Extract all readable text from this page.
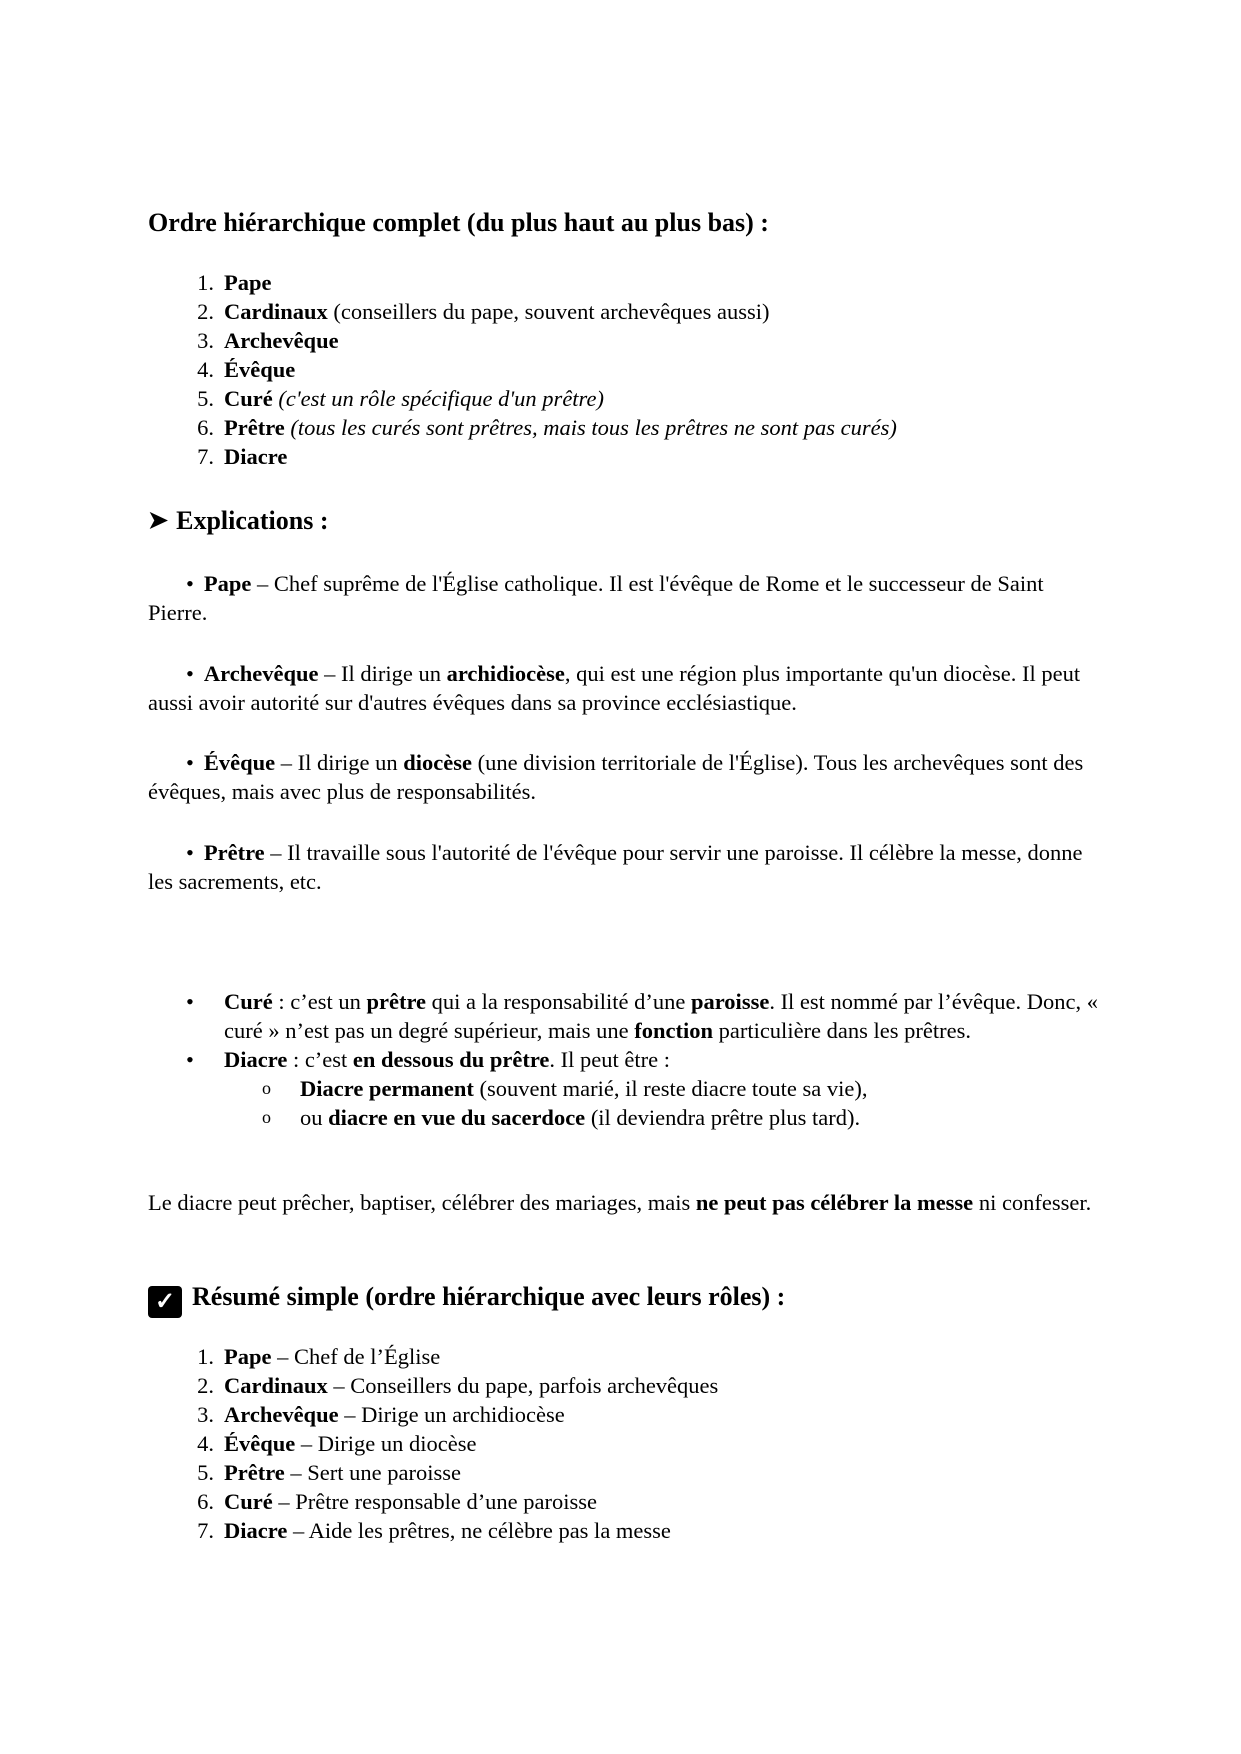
Ordre hiérarchique complet (du plus haut au plus bas) :
1. Pape
2. Cardinaux (conseillers du pape, souvent archevêques aussi)
3. Archevêque
4. Évêque
5. Curé (c'est un rôle spécifique d'un prêtre)
6. Prêtre (tous les curés sont prêtres, mais tous les prêtres ne sont pas curés)
7. Diacre
➤ Explications :

• Pape – Chef suprême de l'Église catholique. Il est l'évêque de Rome et le successeur de Saint Pierre.

• Archevêque – Il dirige un archidiocèse, qui est une région plus importante qu'un diocèse. Il peut aussi avoir autorité sur d'autres évêques dans sa province ecclésiastique.

• Évêque – Il dirige un diocèse (une division territoriale de l'Église). Tous les archevêques sont des évêques, mais avec plus de responsabilités.

• Prêtre – Il travaille sous l'autorité de l'évêque pour servir une paroisse. Il célèbre la messe, donne les sacrements, etc.

• Curé : c’est un prêtre qui a la responsabilité d’une paroisse. Il est nommé par l’évêque. Donc, « curé » n’est pas un degré supérieur, mais une fonction particulière dans les prêtres.
• Diacre : c’est en dessous du prêtre. Il peut être :
o Diacre permanent (souvent marié, il reste diacre toute sa vie),
o ou diacre en vue du sacerdoce (il deviendra prêtre plus tard).

Le diacre peut prêcher, baptiser, célébrer des mariages, mais ne peut pas célébrer la messe ni confesser.

✓ Résumé simple (ordre hiérarchique avec leurs rôles) :
1. Pape – Chef de l’Église
2. Cardinaux – Conseillers du pape, parfois archevêques
3. Archevêque – Dirige un archidiocèse
4. Évêque – Dirige un diocèse
5. Prêtre – Sert une paroisse
6. Curé – Prêtre responsable d’une paroisse
7. Diacre – Aide les prêtres, ne célèbre pas la messe
